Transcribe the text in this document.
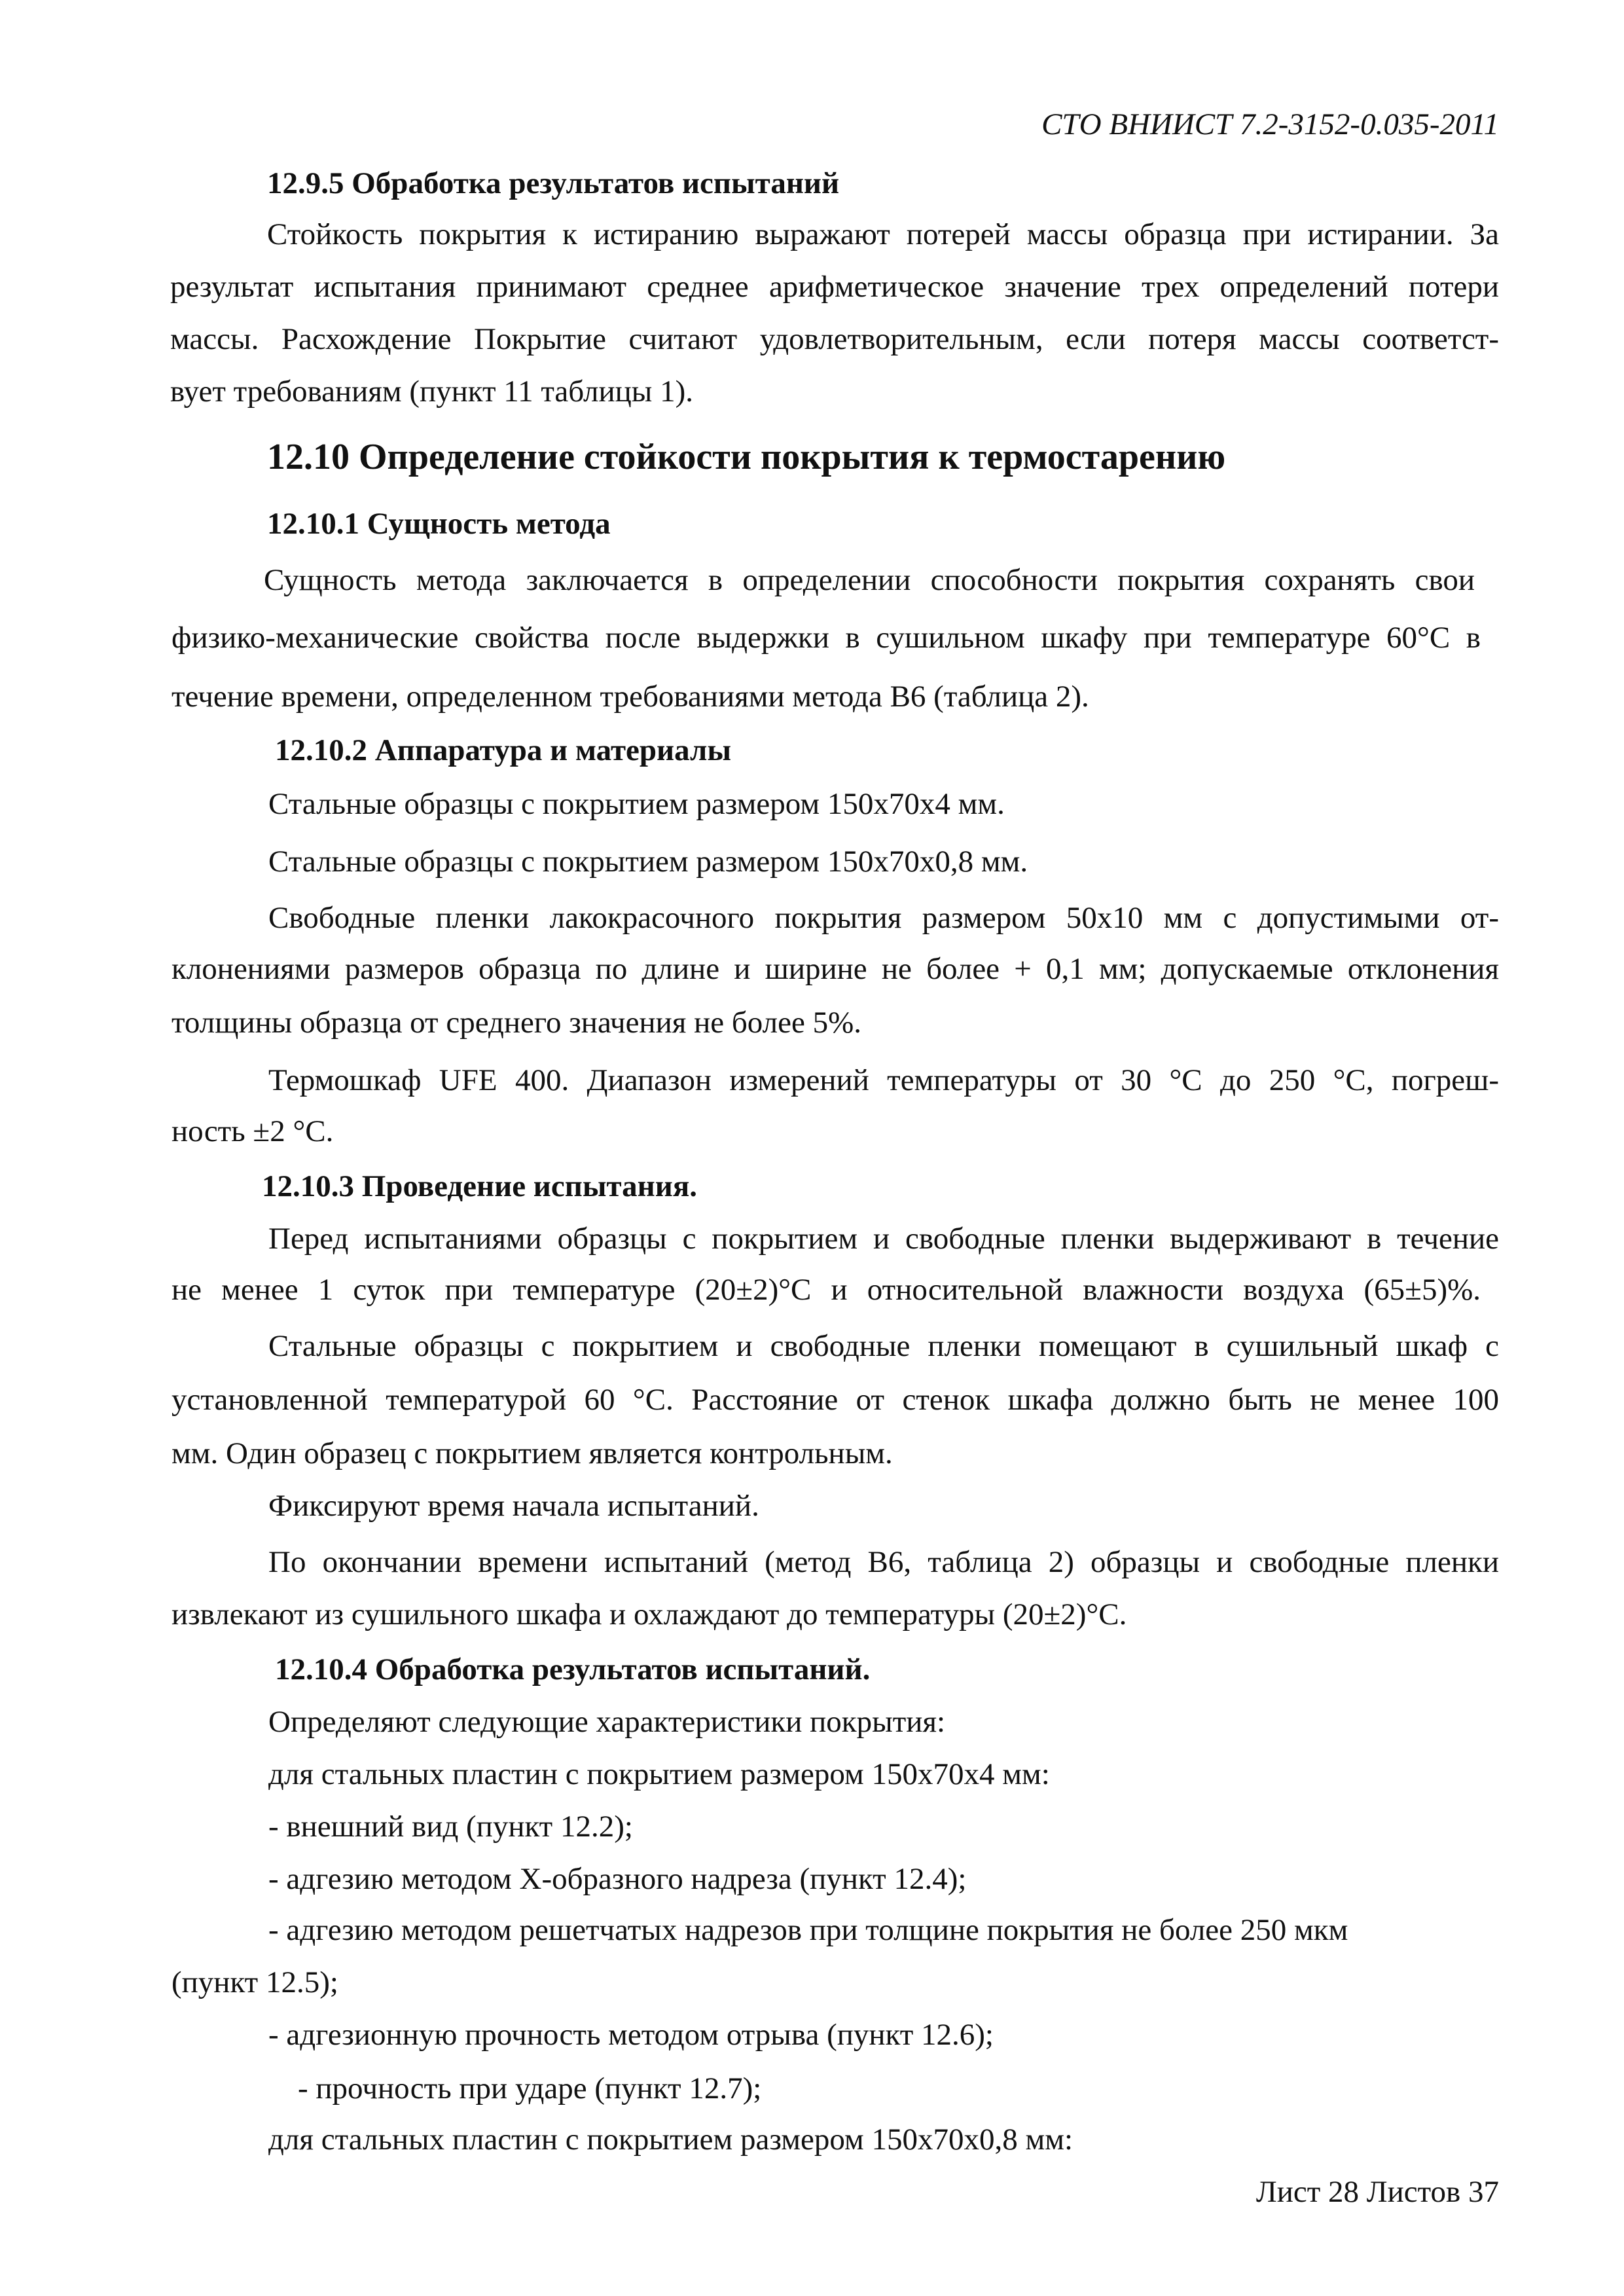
СТО ВНИИСТ 7.2-3152-0.035-2011
12.9.5 Обработка результатов испытаний
Стойкость покрытия к истиранию выражают потерей массы образца при истирании. За
результат испытания принимают среднее арифметическое значение трех определений потери
массы. Расхождение Покрытие считают удовлетворительным, если потеря массы соответст-
вует требованиям (пункт 11 таблицы 1).
12.10 Определение стойкости покрытия к термостарению
12.10.1 Сущность метода
Сущность метода заключается в определении способности покрытия сохранять свои
физико-механические свойства после выдержки в сушильном шкафу при температуре 60°С в
течение времени, определенном требованиями метода В6 (таблица 2).
12.10.2 Аппаратура и материалы
Стальные образцы с покрытием размером 150х70х4 мм.
Стальные образцы с покрытием размером 150х70х0,8 мм.
Свободные пленки лакокрасочного покрытия размером 50х10 мм с допустимыми от-
клонениями размеров образца по длине и ширине не более + 0,1 мм; допускаемые отклонения
толщины образца от среднего значения не более 5%.
Термошкаф UFE 400. Диапазон измерений температуры от 30 °С до 250 °С, погреш-
ность ±2 °С.
12.10.3 Проведение испытания.
Перед испытаниями образцы с покрытием и свободные пленки выдерживают в течение
не менее 1 суток при температуре (20±2)°С и относительной влажности воздуха (65±5)%.
Стальные образцы с покрытием и свободные пленки помещают в сушильный шкаф с
установленной температурой 60 °С. Расстояние от стенок шкафа должно быть не менее 100
мм. Один образец с покрытием является контрольным.
Фиксируют время начала испытаний.
По окончании времени испытаний (метод В6, таблица 2) образцы и свободные пленки
извлекают из сушильного шкафа и охлаждают до температуры (20±2)°С.
12.10.4 Обработка результатов испытаний.
Определяют следующие характеристики покрытия:
для стальных пластин с покрытием размером 150х70х4 мм:
- внешний вид (пункт 12.2);
- адгезию методом Х-образного надреза (пункт 12.4);
- адгезию методом решетчатых надрезов при толщине покрытия не более 250 мкм
(пункт 12.5);
- адгезионную прочность методом отрыва (пункт 12.6);
- прочность при ударе (пункт 12.7);
для стальных пластин с покрытием размером 150х70х0,8 мм:
Лист 28 Листов 37
